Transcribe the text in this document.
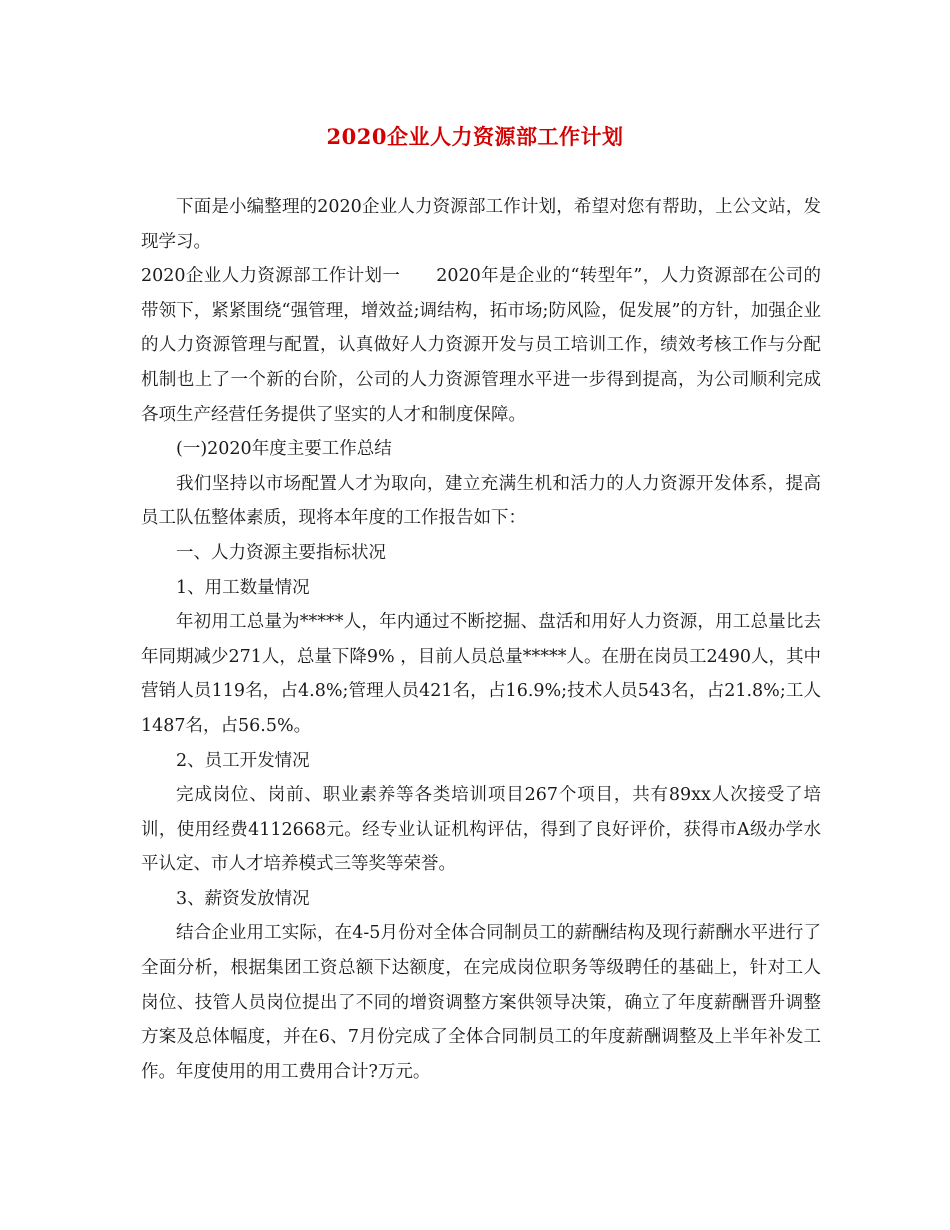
2020企业人力资源部工作计划

下面是小编整理的2020企业人力资源部工作计划，希望对您有帮助，上公文站，发现学习。

2020企业人力资源部工作计划一 2020年是企业的“转型年”，人力资源部在公司的带领下，紧紧围绕“强管理，增效益;调结构，拓市场;防风险，促发展”的方针，加强企业的人力资源管理与配置，认真做好人力资源开发与员工培训工作，绩效考核工作与分配机制也上了一个新的台阶，公司的人力资源管理水平进一步得到提高，为公司顺利完成各项生产经营任务提供了坚实的人才和制度保障。

(一)2020年度主要工作总结

我们坚持以市场配置人才为取向，建立充满生机和活力的人力资源开发体系，提高员工队伍整体素质，现将本年度的工作报告如下：

一、人力资源主要指标状况

1、用工数量情况

年初用工总量为*****人，年内通过不断挖掘、盘活和用好人力资源，用工总量比去年同期减少271人，总量下降9% ，目前人员总量*****人。在册在岗员工2490人，其中营销人员119名，占4.8%;管理人员421名，占16.9%;技术人员543名，占21.8%;工人1487名，占56.5%。

2、员工开发情况

完成岗位、岗前、职业素养等各类培训项目267个项目，共有89xx人次接受了培训，使用经费4112668元。经专业认证机构评估，得到了良好评价，获得市A级办学水平认定、市人才培养模式三等奖等荣誉。

3、薪资发放情况

结合企业用工实际，在4-5月份对全体合同制员工的薪酬结构及现行薪酬水平进行了全面分析，根据集团工资总额下达额度，在完成岗位职务等级聘任的基础上，针对工人岗位、技管人员岗位提出了不同的增资调整方案供领导决策，确立了年度薪酬晋升调整方案及总体幅度，并在6、7月份完成了全体合同制员工的年度薪酬调整及上半年补发工作。年度使用的用工费用合计?万元。
